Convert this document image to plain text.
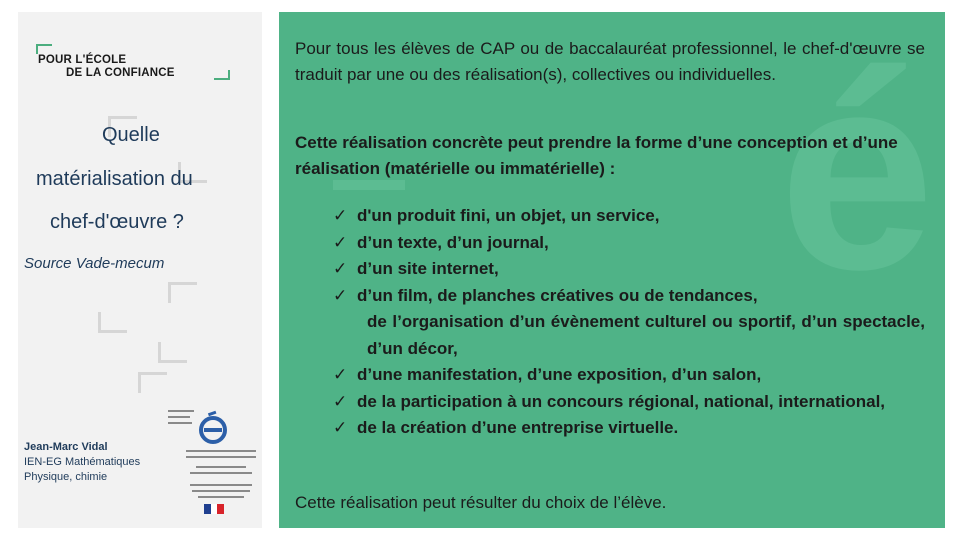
POUR L'ÉCOLE
DE LA CONFIANCE
Quelle
matérialisation du
chef-d'œuvre ?
Source Vade-mecum
Jean-Marc Vidal
IEN-EG Mathématiques
Physique, chimie
é
Pour tous les élèves de CAP ou de baccalauréat professionnel, le chef-d'œuvre se traduit par une ou des réalisation(s), collectives ou individuelles.
Cette réalisation concrète peut prendre la forme d’une conception et d’une réalisation (matérielle ou immatérielle) :
✓ d'un produit fini, un objet, un service,
✓ d’un texte, d’un journal,
✓ d’un site internet,
✓ d’un film, de planches créatives ou de tendances,
de l’organisation d’un évènement culturel ou sportif, d’un spectacle, d’un décor,
✓ d’une manifestation, d’une exposition, d’un salon,
✓ de la participation à un concours régional, national, international,
✓ de la création d’une entreprise virtuelle.
Cette réalisation peut résulter du choix de l’élève.
